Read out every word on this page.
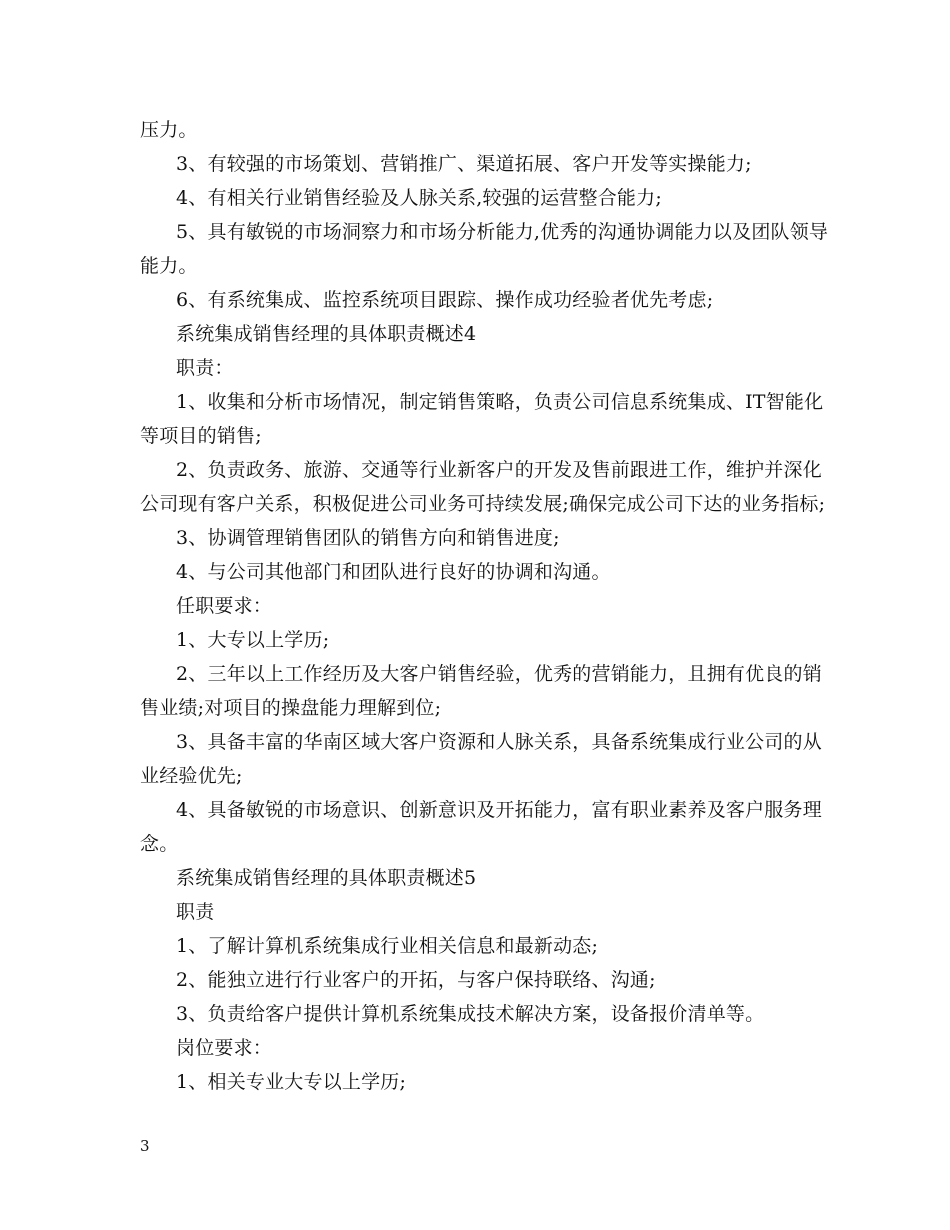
压力。
3、有较强的市场策划、营销推广、渠道拓展、客户开发等实操能力;
4、有相关行业销售经验及人脉关系,较强的运营整合能力;
5、具有敏锐的市场洞察力和市场分析能力,优秀的沟通协调能力以及团队领导
能力。
6、有系统集成、监控系统项目跟踪、操作成功经验者优先考虑;
系统集成销售经理的具体职责概述4
职责：
1、收集和分析市场情况，制定销售策略，负责公司信息系统集成、IT智能化
等项目的销售;
2、负责政务、旅游、交通等行业新客户的开发及售前跟进工作，维护并深化
公司现有客户关系，积极促进公司业务可持续发展;确保完成公司下达的业务指标;
3、协调管理销售团队的销售方向和销售进度;
4、与公司其他部门和团队进行良好的协调和沟通。
任职要求：
1、大专以上学历;
2、三年以上工作经历及大客户销售经验，优秀的营销能力，且拥有优良的销
售业绩;对项目的操盘能力理解到位;
3、具备丰富的华南区域大客户资源和人脉关系，具备系统集成行业公司的从
业经验优先;
4、具备敏锐的市场意识、创新意识及开拓能力，富有职业素养及客户服务理
念。
系统集成销售经理的具体职责概述5
职责
1、了解计算机系统集成行业相关信息和最新动态;
2、能独立进行行业客户的开拓，与客户保持联络、沟通;
3、负责给客户提供计算机系统集成技术解决方案，设备报价清单等。
岗位要求：
1、相关专业大专以上学历;
3
